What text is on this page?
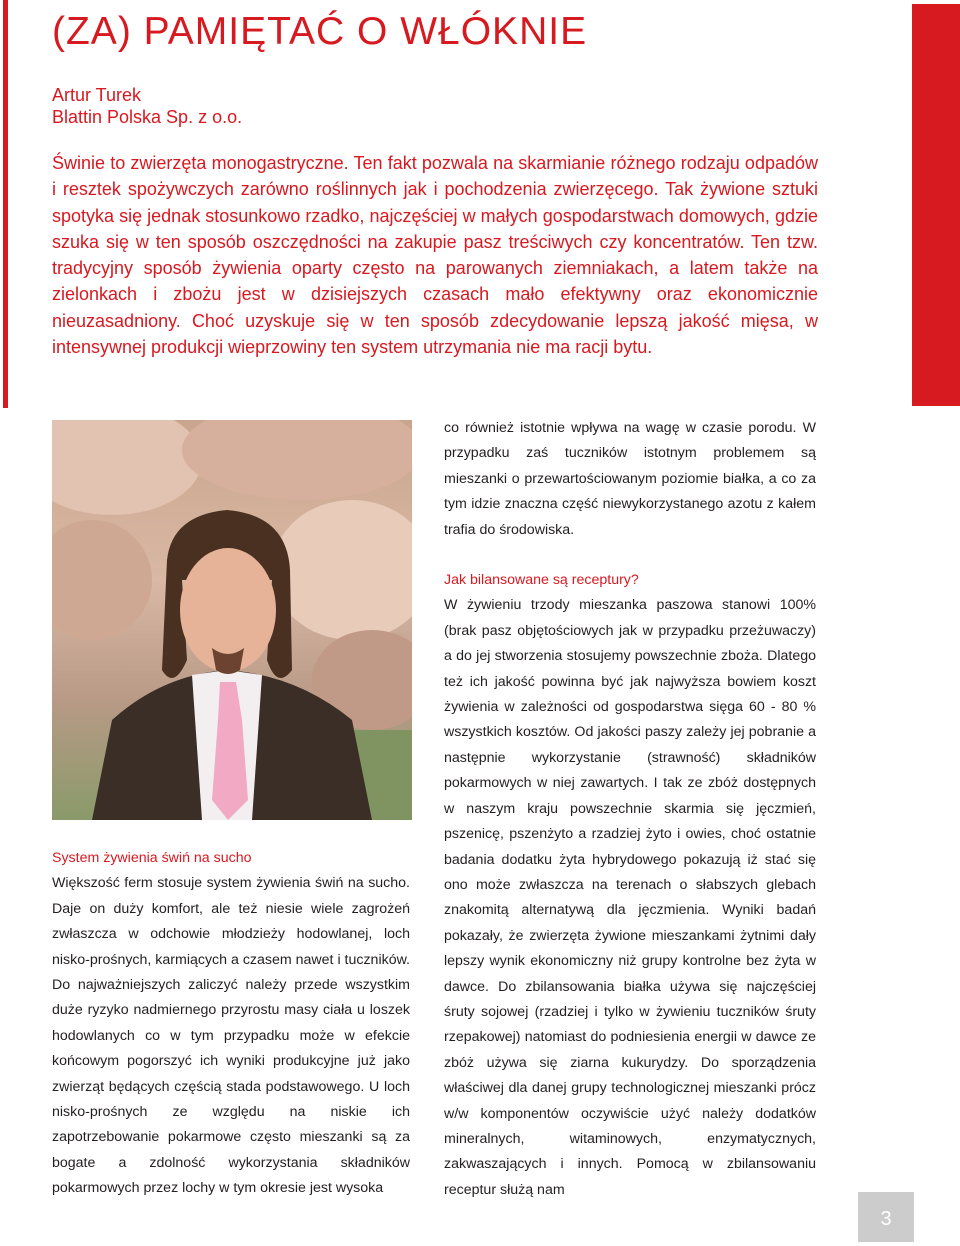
(ZA) PAMIĘTAĆ O WŁÓKNIE
Artur Turek
Blattin Polska Sp. z o.o.

Świnie to zwierzęta monogastryczne. Ten fakt pozwala na skarmianie różnego rodzaju odpadów i resztek spożywczych zarówno roślinnych jak i pochodzenia zwierzęcego. Tak żywione sztuki spotyka się jednak stosunkowo rzadko, najczęściej w małych gospodarstwach domowych, gdzie szuka się w ten sposób oszczędności na zakupie pasz treściwych czy koncentratów. Ten tzw. tradycyjny sposób żywienia oparty często na parowanych ziemniakach, a latem także na zielonkach i zbożu jest w dzisiejszych czasach mało efektywny oraz ekonomicznie nieuzasadniony. Choć uzyskuje się w ten sposób zdecydowanie lepszą jakość mięsa, w intensywnej produkcji wieprzowiny ten system utrzymania nie ma racji bytu.

System żywienia świń na sucho

Większość ferm stosuje system żywienia świń na sucho. Daje on duży komfort, ale też niesie wiele zagrożeń zwłaszcza w odchowie młodzieży hodowlanej, loch nisko-prośnych, karmiących a czasem nawet i tuczników. Do najważniejszych zaliczyć należy przede wszystkim duże ryzyko nadmiernego przyrostu masy ciała u loszek hodowlanych co w tym przypadku może w efekcie końcowym pogorszyć ich wyniki produkcyjne już jako zwierząt będących częścią stada podstawowego. U loch nisko-prośnych ze względu na niskie ich zapotrzebowanie pokarmowe często mieszanki są za bogate a zdolność wykorzystania składników pokarmowych przez lochy w tym okresie jest wysoka

co również istotnie wpływa na wagę w czasie porodu. W przypadku zaś tuczników istotnym problemem są mieszanki o przewartościowanym poziomie białka, a co za tym idzie znaczna część niewykorzystanego azotu z kałem trafia do środowiska.

Jak bilansowane są receptury?

W żywieniu trzody mieszanka paszowa stanowi 100% (brak pasz objętościowych jak w przypadku przeżuwaczy) a do jej stworzenia stosujemy powszechnie zboża. Dlatego też ich jakość powinna być jak najwyższa bowiem koszt żywienia w zależności od gospodarstwa sięga 60 - 80 % wszystkich kosztów. Od jakości paszy zależy jej pobranie a następnie wykorzystanie (strawność) składników pokarmowych w niej zawartych. I tak ze zbóż dostępnych w naszym kraju powszechnie skarmia się jęczmień, pszenicę, pszenżyto a rzadziej żyto i owies, choć ostatnie badania dodatku żyta hybrydowego pokazują iż stać się ono może zwłaszcza na terenach o słabszych glebach znakomitą alternatywą dla jęczmienia. Wyniki badań pokazały, że zwierzęta żywione mieszankami żytnimi dały lepszy wynik ekonomiczny niż grupy kontrolne bez żyta w dawce. Do zbilansowania białka używa się najczęściej śruty sojowej (rzadziej i tylko w żywieniu tuczników śruty rzepakowej) natomiast do podniesienia energii w dawce ze zbóż używa się ziarna kukurydzy. Do sporządzenia właściwej dla danej grupy technologicznej mieszanki prócz w/w komponentów oczywiście użyć należy dodatków mineralnych, witaminowych, enzymatycznych, zakwaszających i innych. Pomocą w zbilansowaniu receptur służą nam

3
